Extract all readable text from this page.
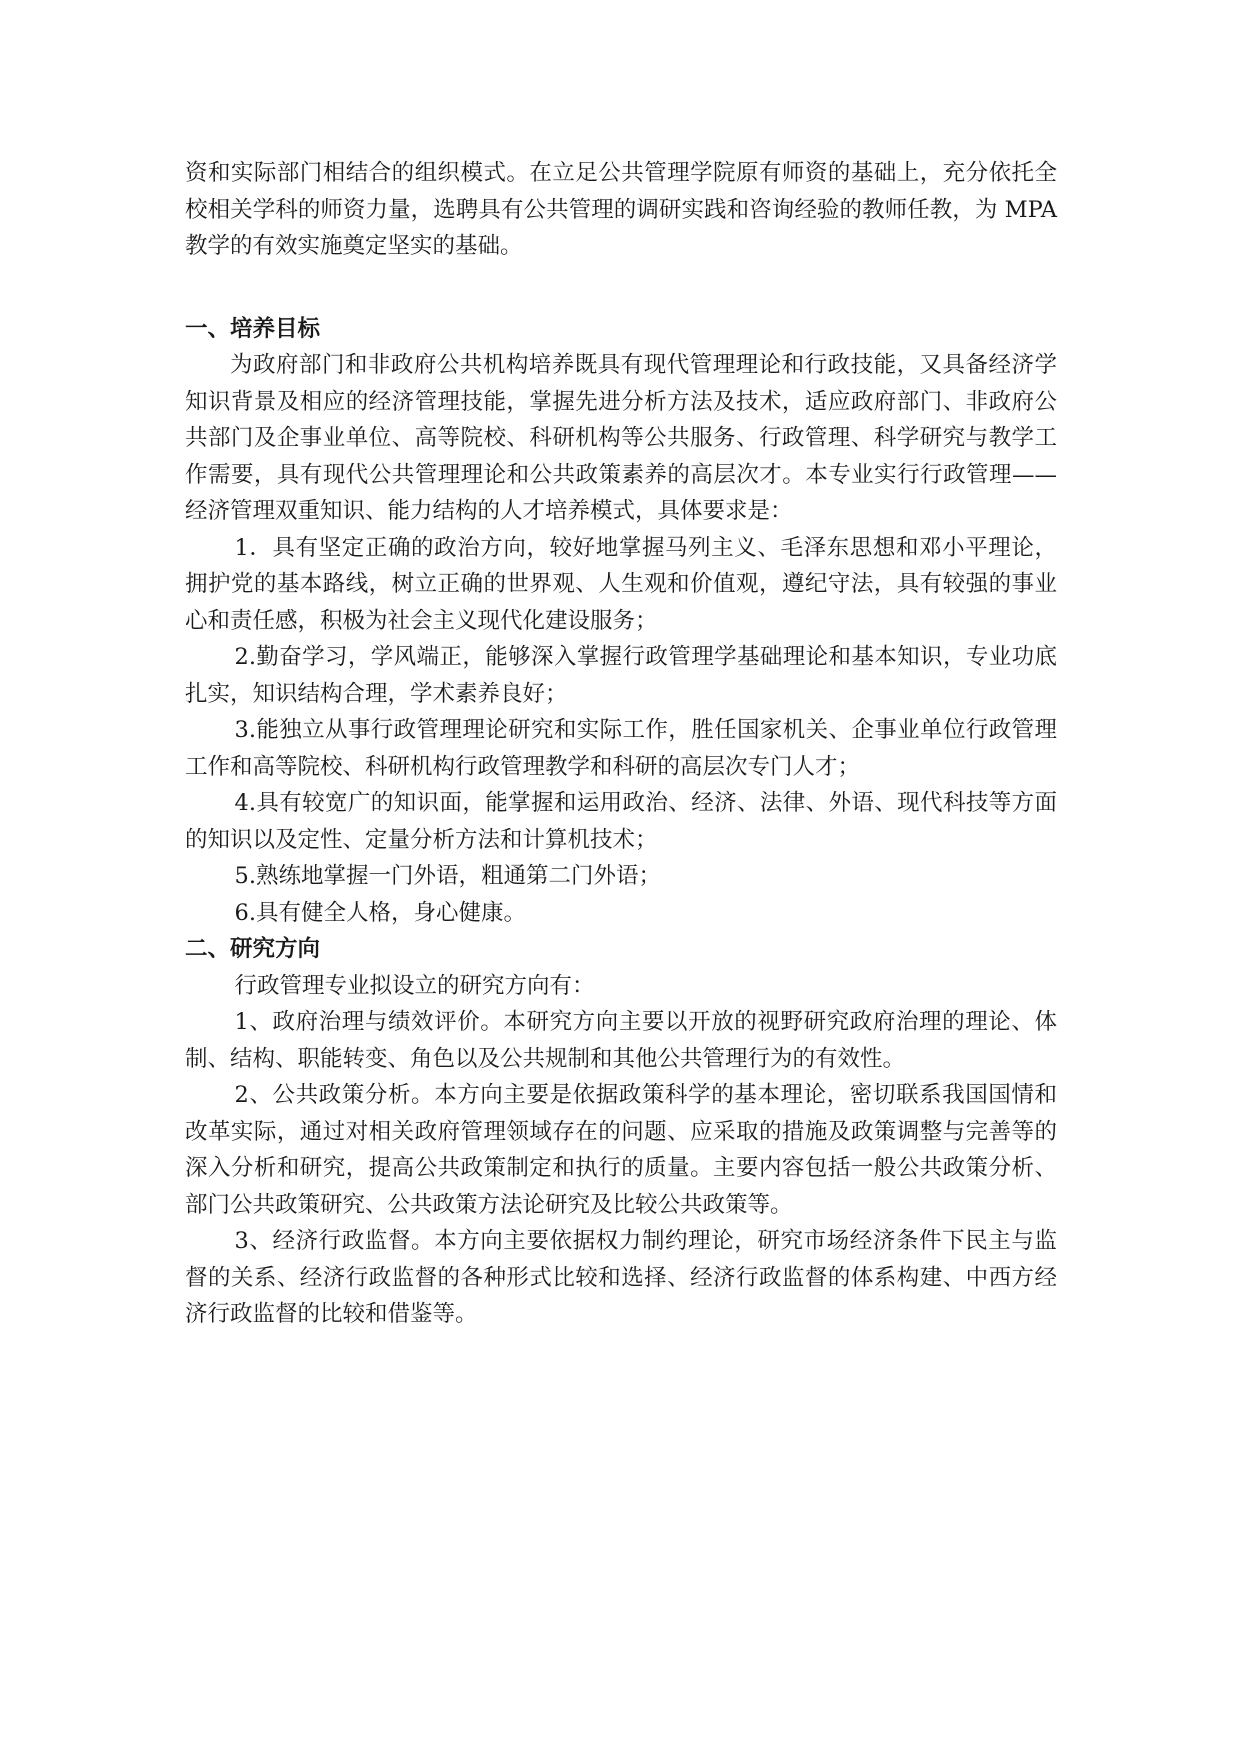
资和实际部门相结合的组织模式。在立足公共管理学院原有师资的基础上，充分依托全校相关学科的师资力量，选聘具有公共管理的调研实践和咨询经验的教师任教，为 MPA 教学的有效实施奠定坚实的基础。

一、培养目标

为政府部门和非政府公共机构培养既具有现代管理理论和行政技能，又具备经济学知识背景及相应的经济管理技能，掌握先进分析方法及技术，适应政府部门、非政府公共部门及企事业单位、高等院校、科研机构等公共服务、行政管理、科学研究与教学工作需要，具有现代公共管理理论和公共政策素养的高层次才。本专业实行行政管理——经济管理双重知识、能力结构的人才培养模式，具体要求是：

1．具有坚定正确的政治方向，较好地掌握马列主义、毛泽东思想和邓小平理论，拥护党的基本路线，树立正确的世界观、人生观和价值观，遵纪守法，具有较强的事业心和责任感，积极为社会主义现代化建设服务；

2.勤奋学习，学风端正，能够深入掌握行政管理学基础理论和基本知识，专业功底扎实，知识结构合理，学术素养良好；

3.能独立从事行政管理理论研究和实际工作，胜任国家机关、企事业单位行政管理工作和高等院校、科研机构行政管理教学和科研的高层次专门人才；

4.具有较宽广的知识面，能掌握和运用政治、经济、法律、外语、现代科技等方面的知识以及定性、定量分析方法和计算机技术；

5.熟练地掌握一门外语，粗通第二门外语；

6.具有健全人格，身心健康。

二、研究方向

行政管理专业拟设立的研究方向有：

1、政府治理与绩效评价。本研究方向主要以开放的视野研究政府治理的理论、体制、结构、职能转变、角色以及公共规制和其他公共管理行为的有效性。

2、公共政策分析。本方向主要是依据政策科学的基本理论，密切联系我国国情和改革实际，通过对相关政府管理领域存在的问题、应采取的措施及政策调整与完善等的深入分析和研究，提高公共政策制定和执行的质量。主要内容包括一般公共政策分析、部门公共政策研究、公共政策方法论研究及比较公共政策等。

3、经济行政监督。本方向主要依据权力制约理论，研究市场经济条件下民主与监督的关系、经济行政监督的各种形式比较和选择、经济行政监督的体系构建、中西方经济行政监督的比较和借鉴等。
